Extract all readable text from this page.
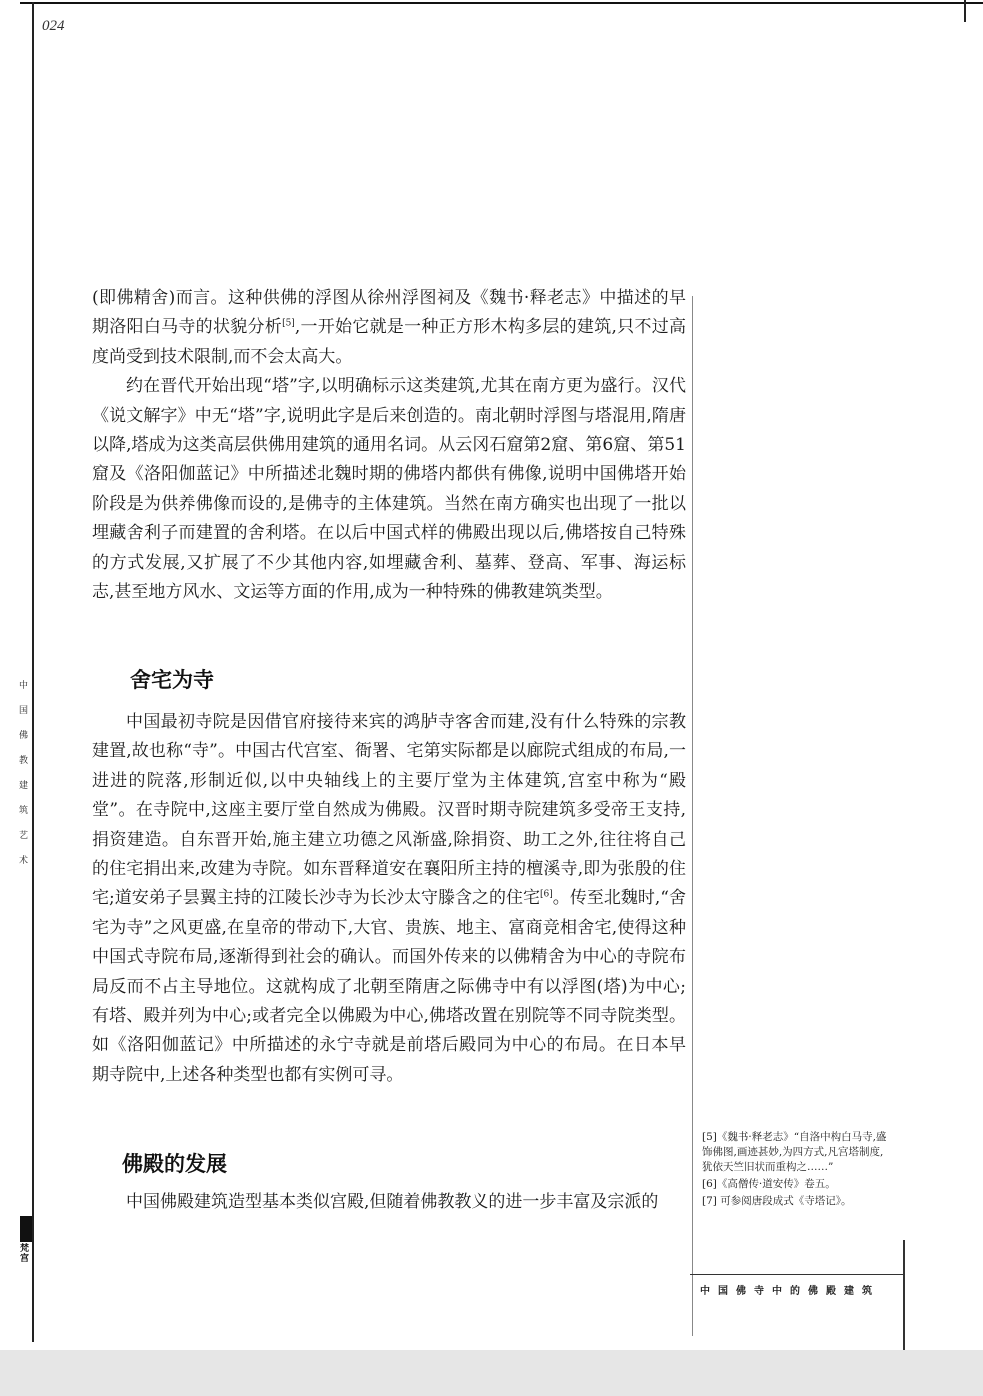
024
中国佛教建筑艺术
梵宫

(即佛精舍)而言。这种供佛的浮图从徐州浮图祠及《魏书·释老志》中描述的早期洛阳白马寺的状貌分析[5],一开始它就是一种正方形木构多层的建筑,只不过高度尚受到技术限制,而不会太高大。

约在晋代开始出现“塔”字,以明确标示这类建筑,尤其在南方更为盛行。汉代《说文解字》中无“塔”字,说明此字是后来创造的。南北朝时浮图与塔混用,隋唐以降,塔成为这类高层供佛用建筑的通用名词。从云冈石窟第2窟、第6窟、第51窟及《洛阳伽蓝记》中所描述北魏时期的佛塔内都供有佛像,说明中国佛塔开始阶段是为供养佛像而设的,是佛寺的主体建筑。当然在南方确实也出现了一批以埋藏舍利子而建置的舍利塔。在以后中国式样的佛殿出现以后,佛塔按自己特殊的方式发展,又扩展了不少其他内容,如埋藏舍利、墓葬、登高、军事、海运标志,甚至地方风水、文运等方面的作用,成为一种特殊的佛教建筑类型。

舍宅为寺

中国最初寺院是因借官府接待来宾的鸿胪寺客舍而建,没有什么特殊的宗教建置,故也称“寺”。中国古代宫室、衙署、宅第实际都是以廊院式组成的布局,一进进的院落,形制近似,以中央轴线上的主要厅堂为主体建筑,宫室中称为“殿堂”。在寺院中,这座主要厅堂自然成为佛殿。汉晋时期寺院建筑多受帝王支持,捐资建造。自东晋开始,施主建立功德之风渐盛,除捐资、助工之外,往往将自己的住宅捐出来,改建为寺院。如东晋释道安在襄阳所主持的檀溪寺,即为张殷的住宅;道安弟子昙翼主持的江陵长沙寺为长沙太守滕含之的住宅[6]。传至北魏时,“舍宅为寺”之风更盛,在皇帝的带动下,大官、贵族、地主、富商竞相舍宅,使得这种中国式寺院布局,逐渐得到社会的确认。而国外传来的以佛精舍为中心的寺院布局反而不占主导地位。这就构成了北朝至隋唐之际佛寺中有以浮图(塔)为中心;有塔、殿并列为中心;或者完全以佛殿为中心,佛塔改置在别院等不同寺院类型。如《洛阳伽蓝记》中所描述的永宁寺就是前塔后殿同为中心的布局。在日本早期寺院中,上述各种类型也都有实例可寻。

佛殿的发展

中国佛殿建筑造型基本类似宫殿,但随着佛教教义的进一步丰富及宗派的

[5]《魏书·释老志》“自洛中构白马寺,盛饰佛图,画迹甚妙,为四方式,凡宫塔制度,犹依天竺旧状而重构之……”

[6]《高僧传·道安传》卷五。

[7] 可参阅唐段成式《寺塔记》。

中国佛寺中的佛殿建筑
